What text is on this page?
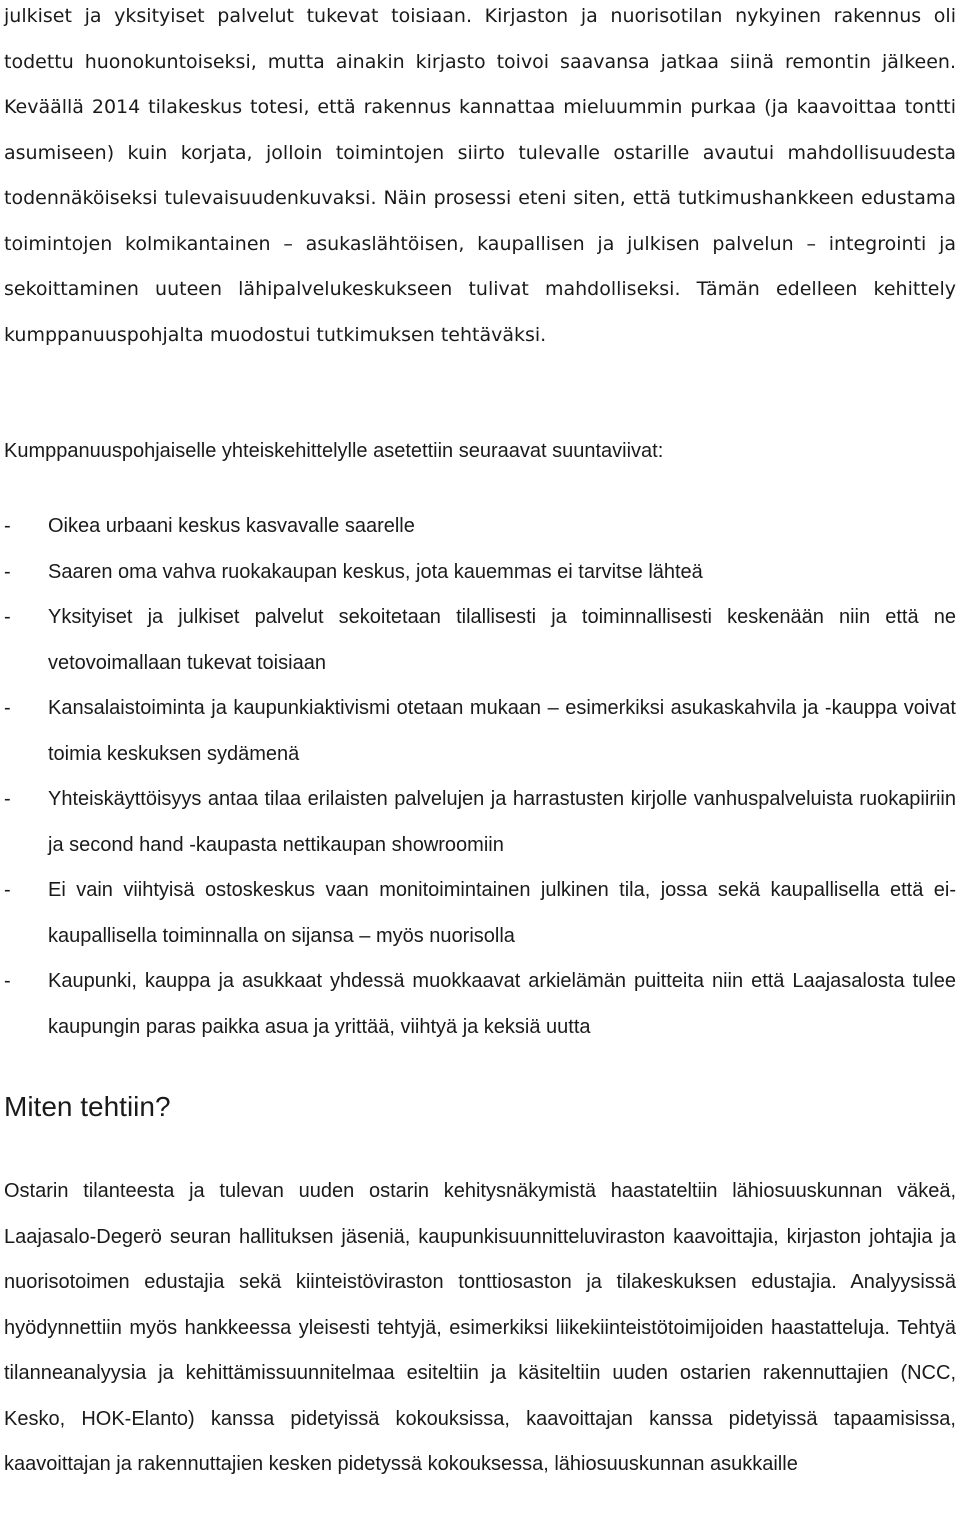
julkiset ja yksityiset palvelut tukevat toisiaan. Kirjaston ja nuorisotilan nykyinen rakennus oli todettu huonokuntoiseksi, mutta ainakin kirjasto toivoi saavansa jatkaa siinä remontin jälkeen. Keväällä 2014 tilakeskus totesi, että rakennus kannattaa mieluummin purkaa (ja kaavoittaa tontti asumiseen) kuin korjata, jolloin toimintojen siirto tulevalle ostarille avautui mahdollisuudesta todennäköiseksi tulevaisuudenkuvaksi. Näin prosessi eteni siten, että tutkimushankkeen edustama toimintojen kolmikantainen – asukaslähtöisen, kaupallisen ja julkisen palvelun – integrointi ja sekoittaminen uuteen lähipalvelukeskukseen tulivat mahdolliseksi. Tämän edelleen kehittely kumppanuuspohjalta muodostui tutkimuksen tehtäväksi.

Kumppanuuspohjaiselle yhteiskehittelylle asetettiin seuraavat suuntaviivat:

- Oikea urbaani keskus kasvavalle saarelle
- Saaren oma vahva ruokakaupan keskus, jota kauemmas ei tarvitse lähteä
- Yksityiset ja julkiset palvelut sekoitetaan tilallisesti ja toiminnallisesti keskenään niin että ne vetovoimallaan tukevat toisiaan
- Kansalaistoiminta ja kaupunkiaktivismi otetaan mukaan – esimerkiksi asukaskahvila ja -kauppa voivat toimia keskuksen sydämenä
- Yhteiskäyttöisyys antaa tilaa erilaisten palvelujen ja harrastusten kirjolle vanhuspalveluista ruokapiiriin ja second hand -kaupasta nettikaupan showroomiin
- Ei vain viihtyisä ostoskeskus vaan monitoimintainen julkinen tila, jossa sekä kaupallisella että ei-kaupallisella toiminnalla on sijansa – myös nuorisolla
- Kaupunki, kauppa ja asukkaat yhdessä muokkaavat arkielämän puitteita niin että Laajasalosta tulee kaupungin paras paikka asua ja yrittää, viihtyä ja keksiä uutta
Miten tehtiin?

Ostarin tilanteesta ja tulevan uuden ostarin kehitysnäkymistä haastateltiin lähiosuuskunnan väkeä, Laajasalo-Degerö seuran hallituksen jäseniä, kaupunkisuunnitteluviraston kaavoittajia, kirjaston johtajia ja nuorisotoimen edustajia sekä kiinteistöviraston tonttiosaston ja tilakeskuksen edustajia. Analyysissä hyödynnettiin myös hankkeessa yleisesti tehtyjä, esimerkiksi liikekiinteistötoimijoiden haastatteluja. Tehtyä tilanneanalyysia ja kehittämissuunnitelmaa esiteltiin ja käsiteltiin uuden ostarien rakennuttajien (NCC, Kesko, HOK-Elanto) kanssa pidetyissä kokouksissa, kaavoittajan kanssa pidetyissä tapaamisissa, kaavoittajan ja rakennuttajien kesken pidetyssä kokouksessa, lähiosuuskunnan asukkaille
